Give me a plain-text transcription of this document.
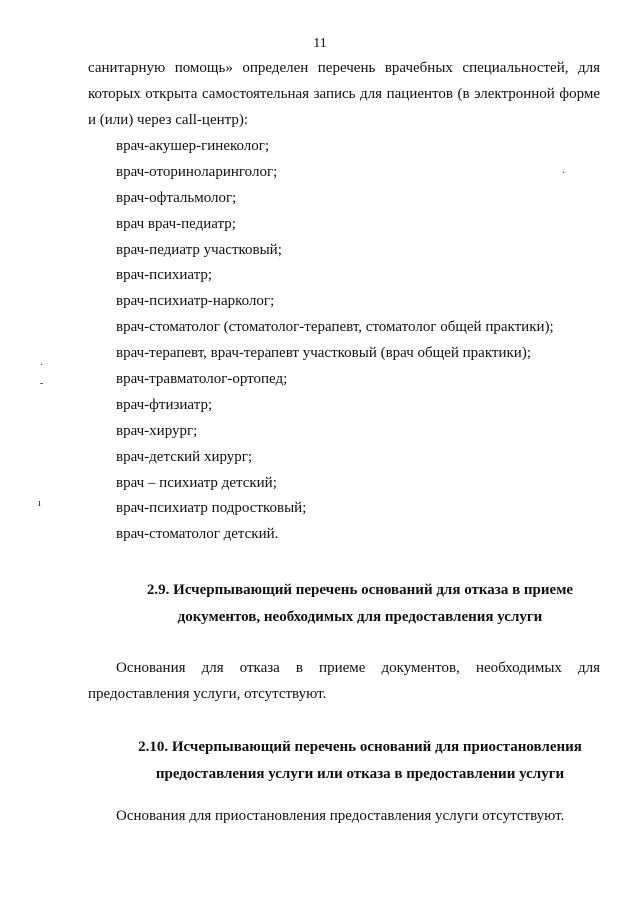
11
санитарную помощь» определен перечень врачебных специальностей, для которых открыта самостоятельная запись для пациентов (в электронной форме и (или) через call-центр):
врач-акушер-гинеколог;
врач-оториноларинголог;
врач-офтальмолог;
врач врач-педиатр;
врач-педиатр участковый;
врач-психиатр;
врач-психиатр-нарколог;
врач-стоматолог (стоматолог-терапевт, стоматолог общей практики);
врач-терапевт, врач-терапевт участковый (врач общей практики);
врач-травматолог-ортопед;
врач-фтизиатр;
врач-хирург;
врач-детский хирург;
врач – психиатр детский;
врач-психиатр подростковый;
врач-стоматолог детский.
2.9. Исчерпывающий перечень оснований для отказа в приеме
документов, необходимых для предоставления услуги
Основания для отказа в приеме документов, необходимых для предоставления услуги, отсутствуют.
2.10. Исчерпывающий перечень оснований для приостановления
предоставления услуги или отказа в предоставлении услуги
Основания для приостановления предоставления услуги отсутствуют.
·
-
ı
·
